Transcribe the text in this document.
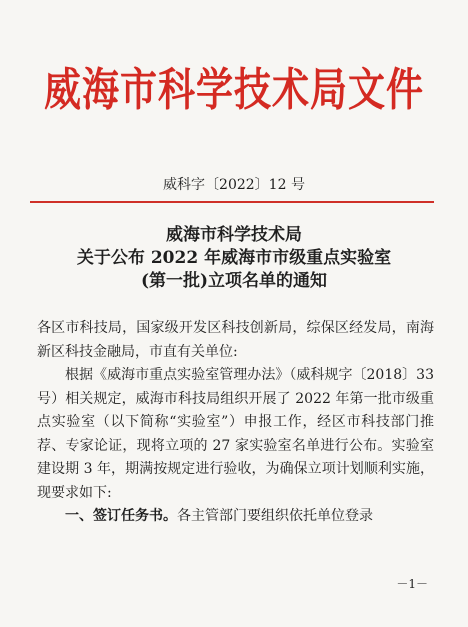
威海市科学技术局文件
威科字〔2022〕12 号
威海市科学技术局
关于公布 2022 年威海市市级重点实验室
(第一批)立项名单的通知
各区市科技局，国家级开发区科技创新局，综保区经发局，南海新区科技金融局，市直有关单位:
根据《威海市重点实验室管理办法》（威科规字〔2018〕33 号）相关规定，威海市科技局组织开展了 2022 年第一批市级重点实验室（以下简称“实验室”）申报工作，经区市科技部门推荐、专家论证，现将立项的 27 家实验室名单进行公布。实验室建设期 3 年，期满按规定进行验收，为确保立项计划顺利实施，现要求如下:
一、签订任务书。各主管部门要组织依托单位登录
－1－
